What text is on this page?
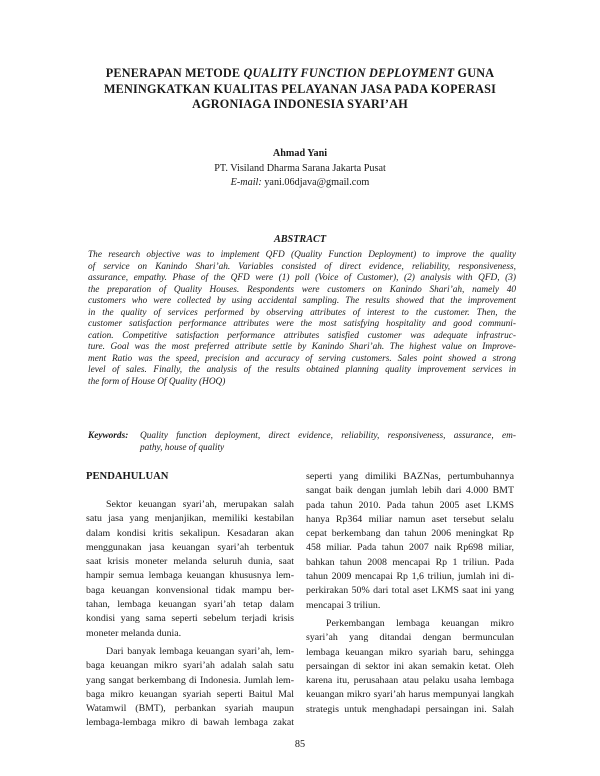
PENERAPAN METODE QUALITY FUNCTION DEPLOYMENT GUNA
MENINGKATKAN KUALITAS PELAYANAN JASA PADA KOPERASI
AGRONIAGA INDONESIA SYARI’AH
Ahmad Yani
PT. Visiland Dharma Sarana Jakarta Pusat
E-mail: yani.06djava@gmail.com
ABSTRACT
The research objective was to implement QFD (Quality Function Deployment) to improve the quality
of service on Kanindo Shari’ah. Variables consisted of direct evidence, reliability, responsiveness,
assurance, empathy. Phase of the QFD were (1) poll (Voice of Customer), (2) analysis with QFD, (3)
the preparation of Quality Houses. Respondents were customers on Kanindo Shari’ah, namely 40
customers who were collected by using accidental sampling. The results showed that the improvement
in the quality of services performed by observing attributes of interest to the customer. Then, the
customer satisfaction performance attributes were the most satisfying hospitality and good communi-
cation. Competitive satisfaction performance attributes satisfied customer was adequate infrastruc-
ture. Goal was the most preferred attribute settle by Kanindo Shari’ah. The highest value on Improve-
ment Ratio was the speed, precision and accuracy of serving customers. Sales point showed a strong
level of sales. Finally, the analysis of the results obtained planning quality improvement services in
the form of House Of Quality (HOQ)
Keywords: Quality function deployment, direct evidence, reliability, responsiveness, assurance, em-
pathy, house of quality
PENDAHULUAN
Sektor keuangan syari’ah, merupakan salah
satu jasa yang menjanjikan, memiliki kestabilan
dalam kondisi kritis sekalipun. Kesadaran akan
menggunakan jasa keuangan syari’ah terbentuk
saat krisis moneter melanda seluruh dunia, saat
hampir semua lembaga keuangan khususnya lem-
baga keuangan konvensional tidak mampu ber-
tahan, lembaga keuangan syari’ah tetap dalam
kondisi yang sama seperti sebelum terjadi krisis
moneter melanda dunia.
Dari banyak lembaga keuangan syari’ah, lem-
baga keuangan mikro syari’ah adalah salah satu
yang sangat berkembang di Indonesia. Jumlah lem-
baga mikro keuangan syariah seperti Baitul Mal
Watamwil (BMT), perbankan syariah maupun
lembaga-lembaga mikro di bawah lembaga zakat
seperti yang dimiliki BAZNas, pertumbuhannya
sangat baik dengan jumlah lebih dari 4.000 BMT
pada tahun 2010. Pada tahun 2005 aset LKMS
hanya Rp364 miliar namun aset tersebut selalu
cepat berkembang dan tahun 2006 meningkat Rp
458 miliar. Pada tahun 2007 naik Rp698 miliar,
bahkan tahun 2008 mencapai Rp 1 triliun. Pada
tahun 2009 mencapai Rp 1,6 triliun, jumlah ini di-
perkirakan 50% dari total aset LKMS saat ini yang
mencapai 3 triliun.
Perkembangan lembaga keuangan mikro
syari’ah yang ditandai dengan bermunculan
lembaga keuangan mikro syariah baru, sehingga
persaingan di sektor ini akan semakin ketat. Oleh
karena itu, perusahaan atau pelaku usaha lembaga
keuangan mikro syari’ah harus mempunyai langkah
strategis untuk menghadapi persaingan ini. Salah
85
